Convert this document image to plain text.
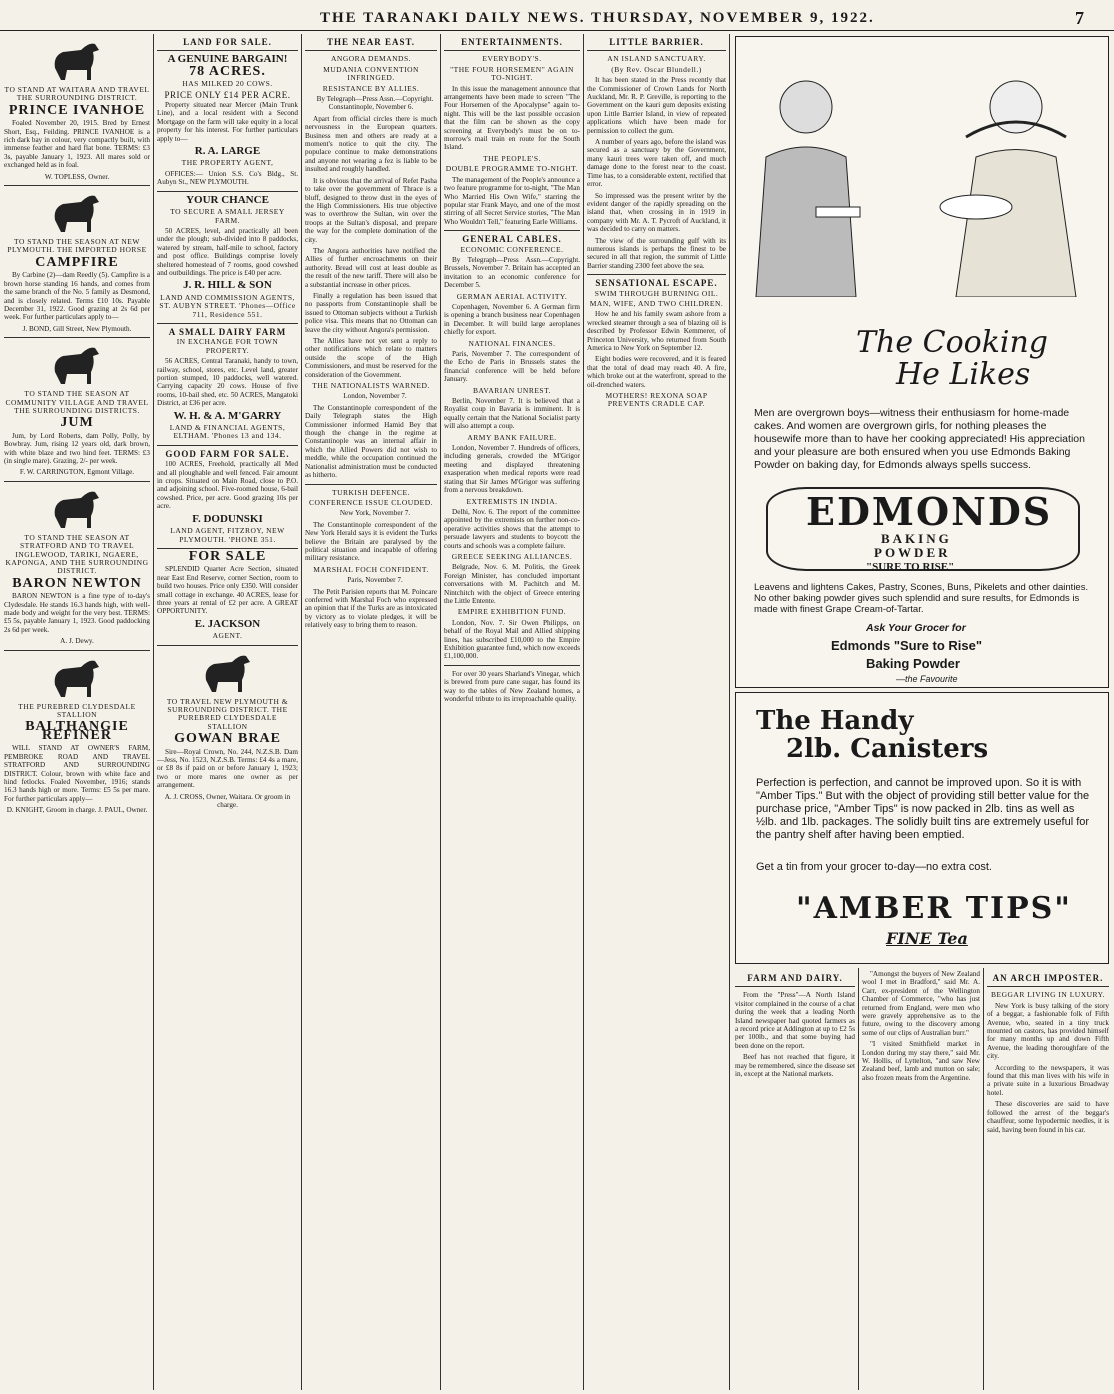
THE TARANAKI DAILY NEWS. THURSDAY, NOVEMBER 9, 1922.	7
TO STAND AT WAITARA AND TRAVEL THE SURROUNDING DISTRICT.
PRINCE IVANHOE

Foaled November 20, 1915. Bred by Ernest Short, Esq., Feilding. PRINCE IVANHOE is a rich dark bay in colour, very compactly built, with immense feather and hard flat bone. TERMS: £3 3s, payable January 1, 1923. All mares sold or exchanged held as in foal.

W. TOPLESS, Owner.
TO STAND THE SEASON AT NEW PLYMOUTH. THE IMPORTED HORSE
CAMPFIRE

By Carbine (2)—dam Reedly (5). Campfire is a brown horse standing 16 hands, and comes from the same branch of the No. 5 family as Desmond, and is closely related. Terms £10 10s. Payable December 31, 1922. Good grazing at 2s 6d per week. For further particulars apply to—

J. BOND, Gill Street, New Plymouth.
TO STAND THE SEASON AT COMMUNITY VILLAGE AND TRAVEL THE SURROUNDING DISTRICTS.
JUM

Jum, by Lord Roberts, dam Polly, Polly, by Bowbray. Jum, rising 12 years old, dark brown, with white blaze and two hind feet. TERMS: £3 (in single mare). Grazing, 2/- per week.

F. W. CARRINGTON, Egmont Village.
TO STAND THE SEASON AT STRATFORD AND TO TRAVEL INGLEWOOD, TARIKI, NGAERE, KAPONGA, AND THE SURROUNDING DISTRICT.
BARON NEWTON

BARON NEWTON is a fine type of to-day's Clydesdale. He stands 16.3 hands high, with well-made body and weight for the very best. TERMS: £5 5s, payable January 1, 1923. Good paddocking 2s 6d per week.

A. J. Dewy.
THE PUREBRED CLYDESDALE STALLION
BALTHANGIE REFINER

WILL STAND AT OWNER'S FARM, PEMBROKE ROAD AND TRAVEL STRATFORD AND SURROUNDING DISTRICT. Colour, brown with white face and hind fetlocks. Foaled November, 1916; stands 16.3 hands high or more. Terms: £5 5s per mare. For further particulars apply—

D. KNIGHT, Groom in charge. J. PAUL, Owner.
LAND FOR SALE.
A GENUINE BARGAIN!
78 ACRES.
HAS MILKED 20 COWS.
PRICE ONLY £14 PER ACRE.

Property situated near Mercer (Main Trunk Line), and a local resident with a Second Mortgage on the farm will take equity in a local property for his interest. For further particulars apply to—

R. A. LARGE
THE PROPERTY AGENT,

OFFICES:— Union S.S. Co's Bldg., St. Aubyn St., NEW PLYMOUTH.

YOUR CHANCE
TO SECURE A SMALL JERSEY FARM.

50 ACRES, level, and practically all been under the plough; sub-divided into 8 paddocks, watered by stream, half-mile to school, factory and post office. Buildings comprise lovely sheltered homestead of 7 rooms, good cowshed and outbuildings. The price is £40 per acre.

J. R. HILL & SON
LAND AND COMMISSION AGENTS, ST. AUBYN STREET. 'Phones—Office 711, Residence 551.
A SMALL DAIRY FARM
IN EXCHANGE FOR TOWN PROPERTY.

56 ACRES, Central Taranaki, handy to town, railway, school, stores, etc. Level land, greater portion stumped, 10 paddocks, well watered. Carrying capacity 20 cows. House of five rooms, 10-bail shed, etc. 50 ACRES, Mangatoki District, at £36 per acre.

W. H. & A. M'GARRY
LAND & FINANCIAL AGENTS, ELTHAM. 'Phones 13 and 134.
GOOD FARM FOR SALE.

100 ACRES, Freehold, practically all Med and all ploughable and well fenced. Fair amount in crops. Situated on Main Road, close to P.O. and adjoining school. Five-roomed house, 6-bail cowshed. Price, per acre. Good grazing 10s per acre.

F. DODUNSKI
LAND AGENT, FITZROY, NEW PLYMOUTH. 'PHONE 351.
FOR SALE

SPLENDID Quarter Acre Section, situated near East End Reserve, corner Section, room to build two houses. Price only £350. Will consider small cottage in exchange. 40 ACRES, lease for three years at rental of £2 per acre. A GREAT OPPORTUNITY.

E. JACKSON
AGENT.
TO TRAVEL NEW PLYMOUTH & SURROUNDING DISTRICT. THE PUREBRED CLYDESDALE STALLION
GOWAN BRAE

Sire—Royal Crown, No. 244, N.Z.S.B. Dam—Jess, No. 1523, N.Z.S.B. Terms: £4 4s a mare, or £8 8s if paid on or before January 1, 1923; two or more mares one owner as per arrangement.

A. J. CROSS, Owner, Waitara. Or groom in charge.
THE NEAR EAST.
ANGORA DEMANDS.
MUDANIA CONVENTION INFRINGED.
RESISTANCE BY ALLIES.

By Telegraph—Press Assn.—Copyright. Constantinople, November 6.

Apart from official circles there is much nervousness in the European quarters. Business men and others are ready at a moment's notice to quit the city. The populace continue to make demonstrations and anyone not wearing a fez is liable to be insulted and roughly handled.

It is obvious that the arrival of Refet Pasha to take over the government of Thrace is a bluff, designed to throw dust in the eyes of the High Commissioners. His true objective was to overthrow the Sultan, win over the troops at the Sultan's disposal, and prepare the way for the complete domination of the city.

The Angora authorities have notified the Allies of further encroachments on their authority. Bread will cost at least double as the result of the new tariff. There will also be a substantial increase in other prices.

Finally a regulation has been issued that no passports from Constantinople shall be issued to Ottoman subjects without a Turkish police visa. This means that no Ottoman can leave the city without Angora's permission.

The Allies have not yet sent a reply to other notifications which relate to matters outside the scope of the High Commissioners, and must be reserved for the consideration of the Government.

THE NATIONALISTS WARNED.

London, November 7.

The Constantinople correspondent of the Daily Telegraph states the High Commissioner informed Hamid Bey that though the change in the regime at Constantinople was an internal affair in which the Allied Powers did not wish to meddle, while the occupation continued the Nationalist administration must be conducted as hitherto.

TURKISH DEFENCE.
CONFERENCE ISSUE CLOUDED.

New York, November 7.

The Constantinople correspondent of the New York Herald says it is evident the Turks believe the Britain are paralysed by the political situation and incapable of offering military resistance.

MARSHAL FOCH CONFIDENT.

Paris, November 7.

The Petit Parisien reports that M. Poincare conferred with Marshal Foch who expressed an opinion that if the Turks are as intoxicated by victory as to violate pledges, it will be relatively easy to bring them to reason.

ENTERTAINMENTS.
EVERYBODY'S.
"THE FOUR HORSEMEN" AGAIN TO-NIGHT.

In this issue the management announce that arrangements have been made to screen "The Four Horsemen of the Apocalypse" again to-night. This will be the last possible occasion that the film can be shown as the copy screening at Everybody's must be on to-morrow's mail train en route for the South Island.

THE PEOPLE'S.
DOUBLE PROGRAMME TO-NIGHT.

The management of the People's announce a two feature programme for to-night, "The Man Who Married His Own Wife," starring the popular star Frank Mayo, and one of the most stirring of all Secret Service stories, "The Man Who Wouldn't Tell," featuring Earle Williams.

GENERAL CABLES.
ECONOMIC CONFERENCE.

By Telegraph—Press Assn.—Copyright. Brussels, November 7. Britain has accepted an invitation to an economic conference for December 5.

GERMAN AERIAL ACTIVITY.

Copenhagen, November 6. A German firm is opening a branch business near Copenhagen in December. It will build large aeroplanes chiefly for export.

NATIONAL FINANCES.

Paris, November 7. The correspondent of the Echo de Paris in Brussels states the financial conference will be held before January.

BAVARIAN UNREST.

Berlin, November 7. It is believed that a Royalist coup in Bavaria is imminent. It is equally certain that the National Socialist party will also attempt a coup.

ARMY BANK FAILURE.

London, November 7. Hundreds of officers, including generals, crowded the M'Grigor meeting and displayed threatening exasperation when medical reports were read stating that Sir James M'Grigor was suffering from a nervous breakdown.

EXTREMISTS IN INDIA.

Delhi, Nov. 6. The report of the committee appointed by the extremists on further non-co-operative activities shows that the attempt to persuade lawyers and students to boycott the courts and schools was a complete failure.

GREECE SEEKING ALLIANCES.

Belgrade, Nov. 6. M. Politis, the Greek Foreign Minister, has concluded important conversations with M. Pachitch and M. Nintchitch with the object of Greece entering the Little Entente.

EMPIRE EXHIBITION FUND.

London, Nov. 7. Sir Owen Philipps, on behalf of the Royal Mail and Allied shipping lines, has subscribed £10,000 to the Empire Exhibition guarantee fund, which now exceeds £1,100,000.

For over 30 years Sharland's Vinegar, which is brewed from pure cane sugar, has found its way to the tables of New Zealand homes, a wonderful tribute to its irreproachable quality.

LITTLE BARRIER.
AN ISLAND SANCTUARY.
(By Rev. Oscar Blundell.)

It has been stated in the Press recently that the Commissioner of Crown Lands for North Auckland, Mr. R. P. Greville, is reporting to the Government on the kauri gum deposits existing upon Little Barrier Island, in view of repeated applications which have been made for permission to collect the gum.

A number of years ago, before the island was secured as a sanctuary by the Government, many kauri trees were taken off, and much damage done to the forest near to the coast. Time has, to a considerable extent, rectified that error.

So impressed was the present writer by the evident danger of the rapidly spreading on the island that, when crossing in in 1919 in company with Mr. A. T. Pycroft of Auckland, it was decided to carry on matters.

The view of the surrounding gulf with its numerous islands is perhaps the finest to be secured in all that region, the summit of Little Barrier standing 2300 feet above the sea.

SENSATIONAL ESCAPE.
SWIM THROUGH BURNING OIL.
MAN, WIFE, AND TWO CHILDREN.

How he and his family swam ashore from a wrecked steamer through a sea of blazing oil is described by Professor Edwin Kemmerer, of Princeton University, who returned from South America to New York on September 12.

Eight bodies were recovered, and it is feared that the total of dead may reach 40. A fire, which broke out at the waterfront, spread to the oil-drenched waters.

MOTHERS! REXONA SOAP PREVENTS CRADLE CAP.
The Cooking
He Likes
Men are overgrown boys—witness their enthusiasm for home-made cakes. And women are overgrown girls, for nothing pleases the housewife more than to have her cooking appreciated! His appreciation and your pleasure are both ensured when you use Edmonds Baking Powder on baking day, for Edmonds always spells success.
EDMONDS
BAKING
POWDER
"SURE TO RISE"
Leavens and lightens Cakes, Pastry, Scones, Buns, Pikelets and other dainties. No other baking powder gives such splendid and sure results, for Edmonds is made with finest Grape Cream-of-Tartar.
Ask Your Grocer for
Edmonds "Sure to Rise"
Baking Powder
—the Favourite
The Handy
2lb. Canisters
Perfection is perfection, and cannot be improved upon. So it is with "Amber Tips." But with the object of providing still better value for the purchase price, "Amber Tips" is now packed in 2lb. tins as well as ½lb. and 1lb. packages. The solidly built tins are extremely useful for the pantry shelf after having been emptied.
Get a tin from your grocer to-day—no extra cost.
"AMBER TIPS"
FINE Tea
FARM AND DAIRY.

From the "Press"—A North Island visitor complained in the course of a chat during the week that a leading North Island newspaper had quoted farmers as a record price at Addington at up to £2 5s per 100lb., and that some buying had been done on the report.

Beef has not reached that figure, it may be remembered, since the disease set in, except at the National markets.

"Amongst the buyers of New Zealand wool I met in Bradford," said Mr. A. Carr, ex-president of the Wellington Chamber of Commerce, "who has just returned from England, were men who were gravely apprehensive as to the future, owing to the discovery among some of our clips of Australian burr."

"I visited Smithfield market in London during my stay there," said Mr. W. Hollis, of Lyttelton, "and saw New Zealand beef, lamb and mutton on sale; also frozen meats from the Argentine.

AN ARCH IMPOSTER.
BEGGAR LIVING IN LUXURY.

New York is busy talking of the story of a beggar, a fashionable folk of Fifth Avenue, who, seated in a tiny truck mounted on castors, has provided himself for many months up and down Fifth Avenue, the leading thoroughfare of the city.

According to the newspapers, it was found that this man lives with his wife in a private suite in a luxurious Broadway hotel.

These discoveries are said to have followed the arrest of the beggar's chauffeur, some hypodermic needles, it is said, having been found in his car.
